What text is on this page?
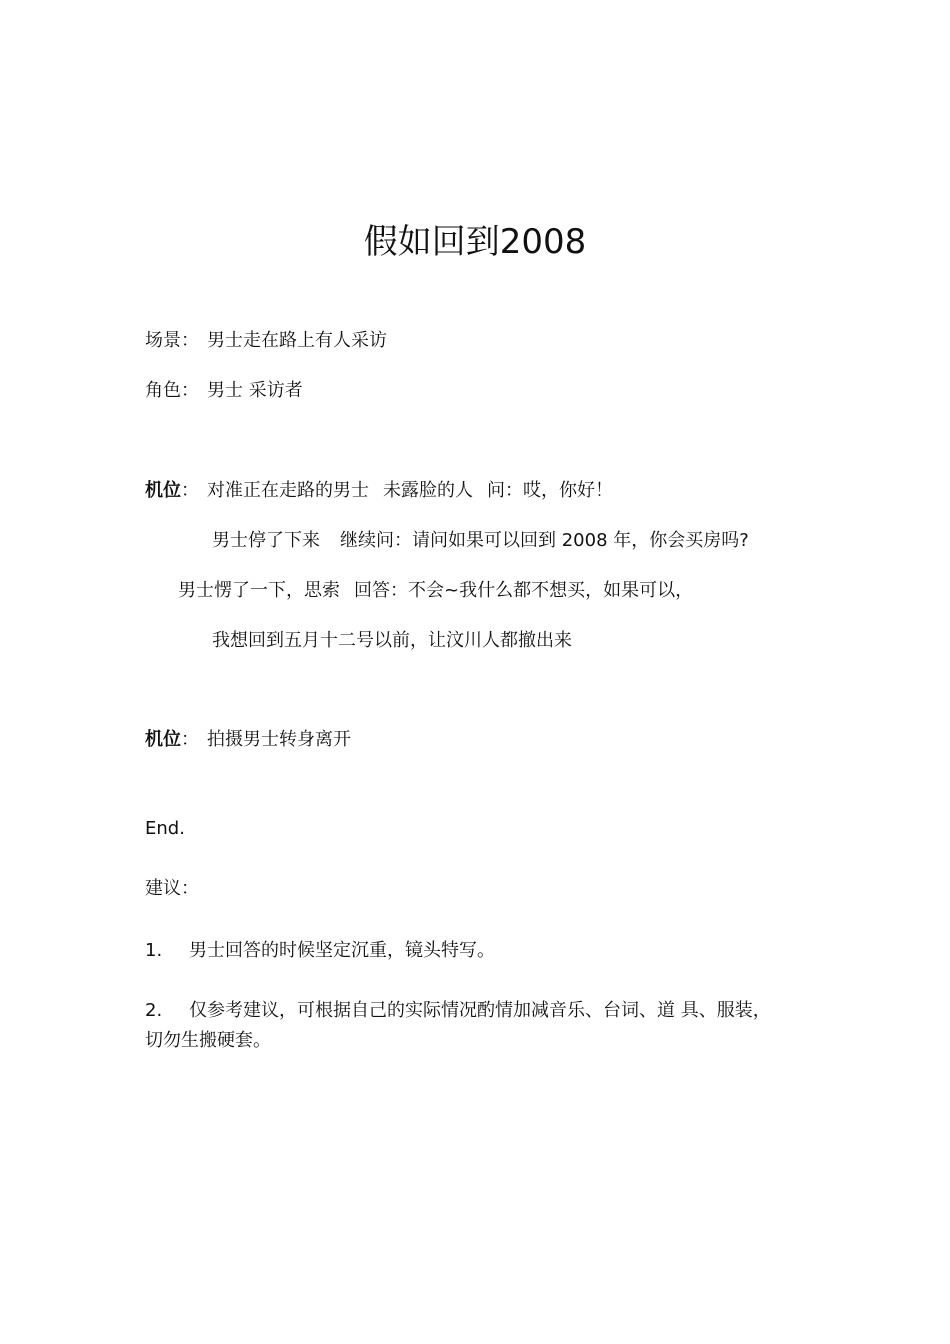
假如回到2008
场景： 男士走在路上有人采访
角色： 男士 采访者
机位： 对准正在走路的男士 未露脸的人 问：哎，你好！
男士停了下来 继续问：请问如果可以回到 2008 年，你会买房吗?
男士愣了一下，思索 回答：不会~我什么都不想买，如果可以，
我想回到五月十二号以前，让汶川人都撤出来
机位： 拍摄男士转身离开
End.
建议：
1. 男士回答的时候坚定沉重，镜头特写。
2. 仅参考建议，可根据自己的实际情况酌情加减音乐、台词、道 具、服装，
切勿生搬硬套。
